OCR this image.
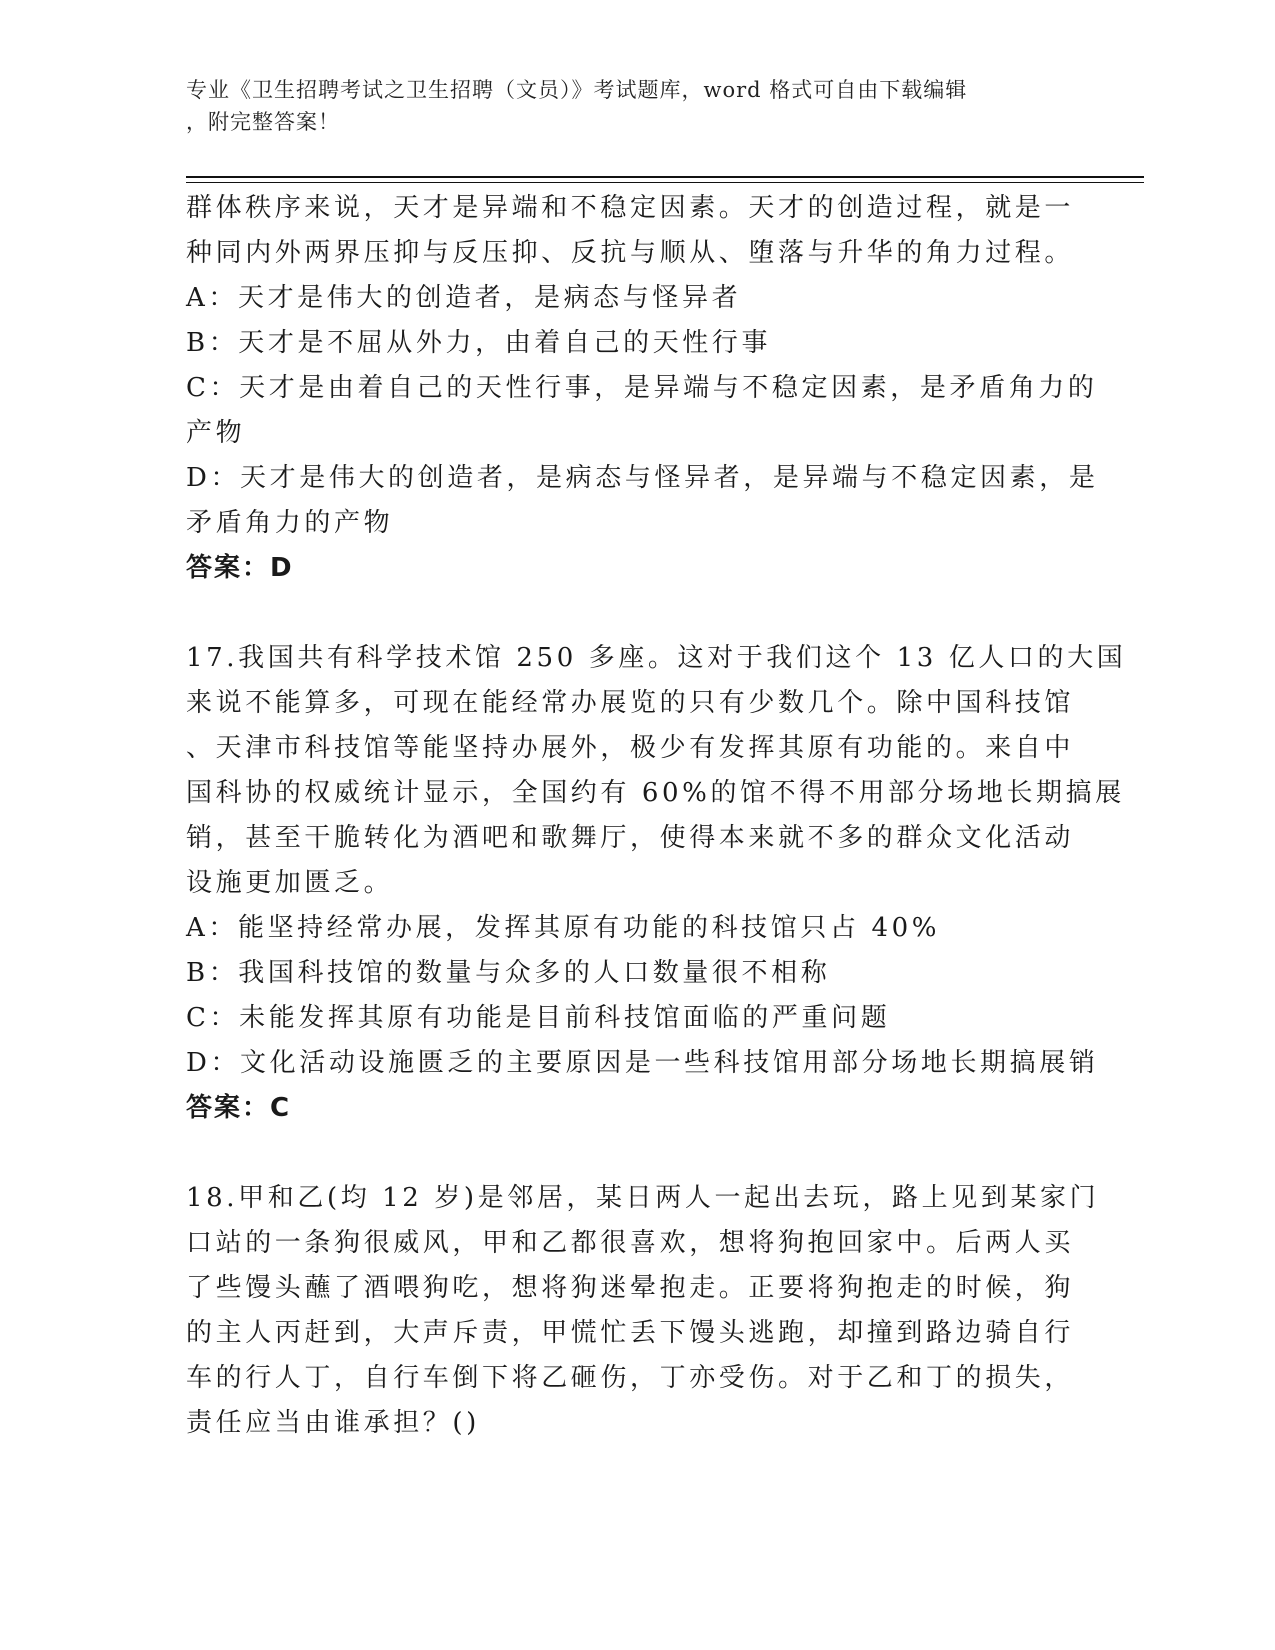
专业《卫生招聘考试之卫生招聘（文员）》考试题库，word 格式可自由下载编辑
，附完整答案！
群体秩序来说，天才是异端和不稳定因素。天才的创造过程，就是一
种同内外两界压抑与反压抑、反抗与顺从、堕落与升华的角力过程。
A：天才是伟大的创造者，是病态与怪异者
B：天才是不屈从外力，由着自己的天性行事
C：天才是由着自己的天性行事，是异端与不稳定因素，是矛盾角力的
产物
D：天才是伟大的创造者，是病态与怪异者，是异端与不稳定因素，是
矛盾角力的产物
答案：D
17.我国共有科学技术馆 250 多座。这对于我们这个 13 亿人口的大国
来说不能算多，可现在能经常办展览的只有少数几个。除中国科技馆
、天津市科技馆等能坚持办展外，极少有发挥其原有功能的。来自中
国科协的权威统计显示，全国约有 60%的馆不得不用部分场地长期搞展
销，甚至干脆转化为酒吧和歌舞厅，使得本来就不多的群众文化活动
设施更加匮乏。
A：能坚持经常办展，发挥其原有功能的科技馆只占 40%
B：我国科技馆的数量与众多的人口数量很不相称
C：未能发挥其原有功能是目前科技馆面临的严重问题
D：文化活动设施匮乏的主要原因是一些科技馆用部分场地长期搞展销
答案：C
18.甲和乙(均 12 岁)是邻居，某日两人一起出去玩，路上见到某家门
口站的一条狗很威风，甲和乙都很喜欢，想将狗抱回家中。后两人买
了些馒头蘸了酒喂狗吃，想将狗迷晕抱走。正要将狗抱走的时候，狗
的主人丙赶到，大声斥责，甲慌忙丢下馒头逃跑，却撞到路边骑自行
车的行人丁，自行车倒下将乙砸伤，丁亦受伤。对于乙和丁的损失，
责任应当由谁承担？()
